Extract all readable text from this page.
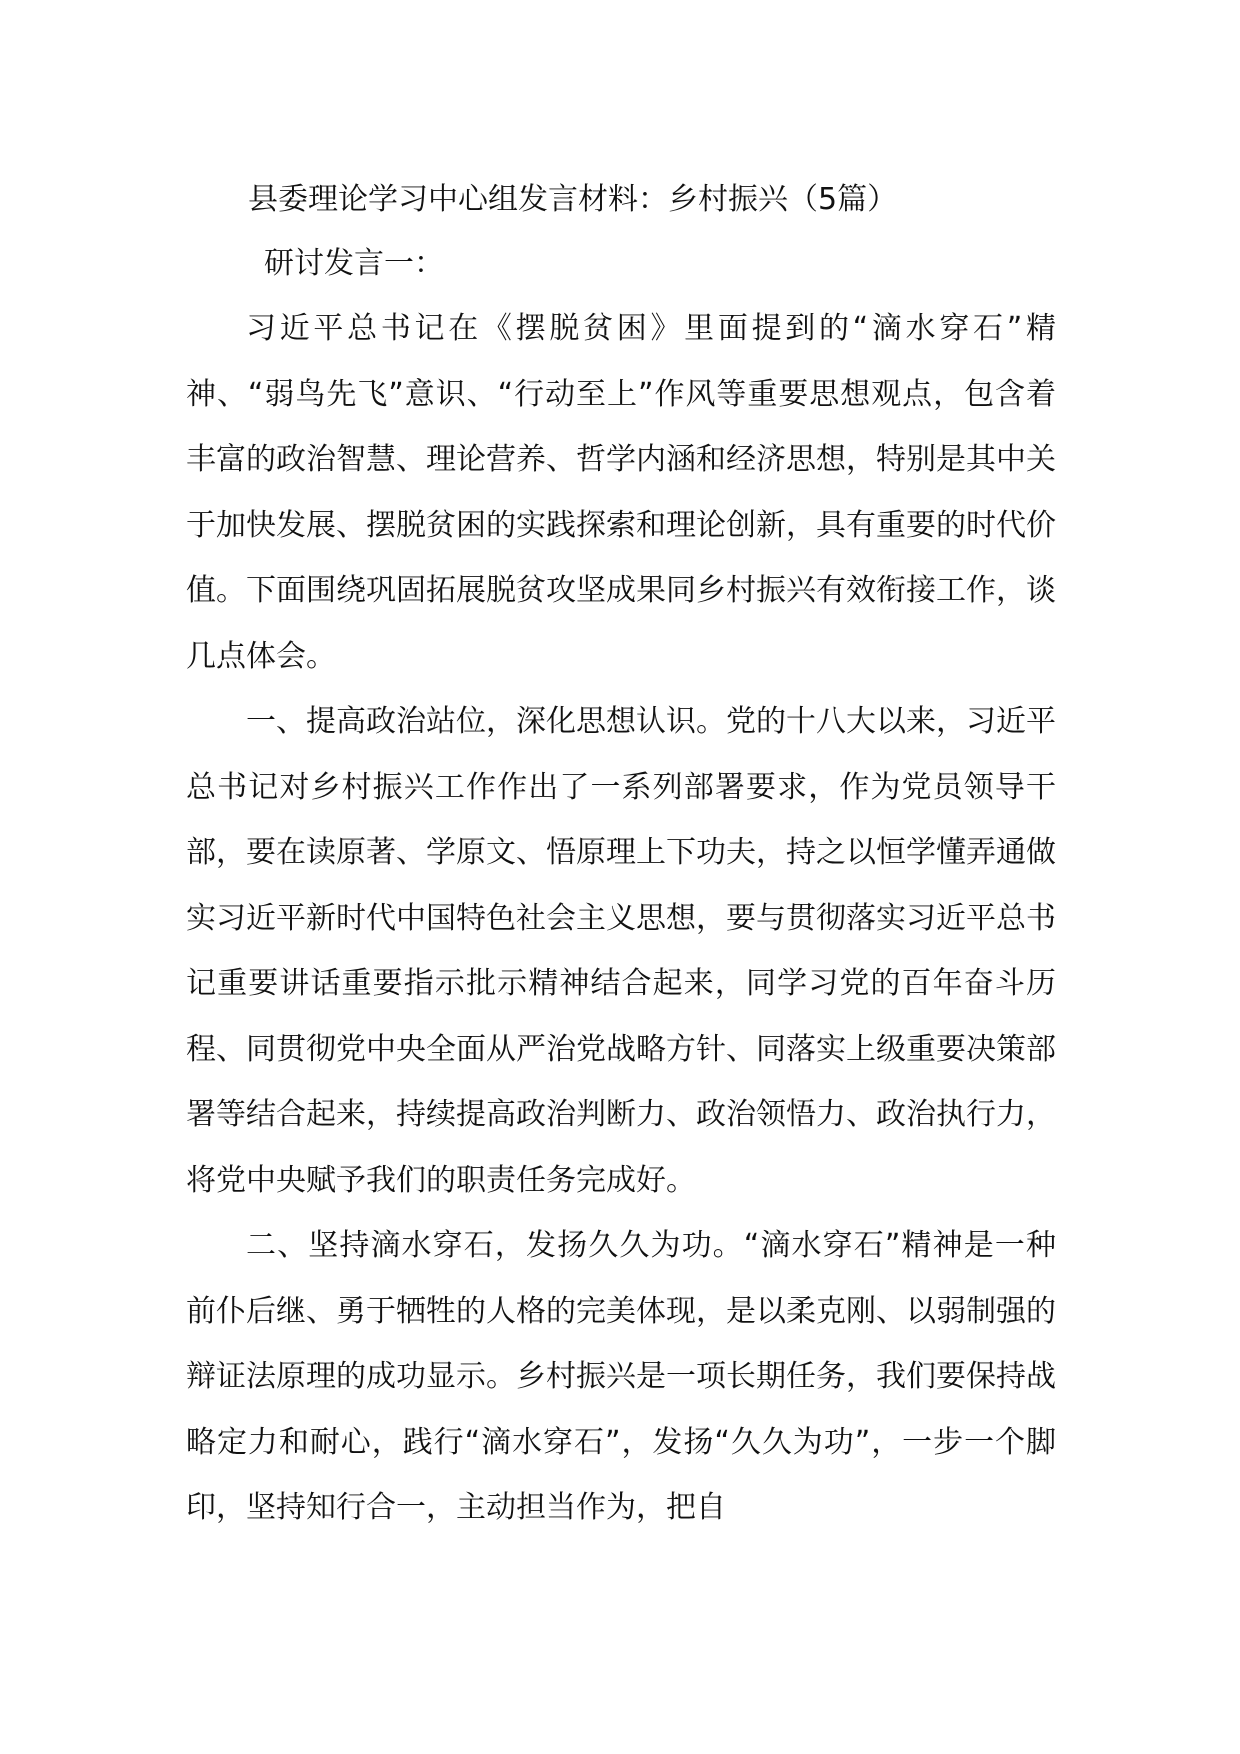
县委理论学习中心组发言材料：乡村振兴（5篇）
研讨发言一：

习近平总书记在《摆脱贫困》里面提到的“滴水穿石”精神、“弱鸟先飞”意识、“行动至上”作风等重要思想观点，包含着丰富的政治智慧、理论营养、哲学内涵和经济思想，特别是其中关于加快发展、摆脱贫困的实践探索和理论创新，具有重要的时代价值。下面围绕巩固拓展脱贫攻坚成果同乡村振兴有效衔接工作，谈几点体会。

一、提高政治站位，深化思想认识。党的十八大以来，习近平总书记对乡村振兴工作作出了一系列部署要求，作为党员领导干部，要在读原著、学原文、悟原理上下功夫，持之以恒学懂弄通做实习近平新时代中国特色社会主义思想，要与贯彻落实习近平总书记重要讲话重要指示批示精神结合起来，同学习党的百年奋斗历程、同贯彻党中央全面从严治党战略方针、同落实上级重要决策部署等结合起来，持续提高政治判断力、政治领悟力、政治执行力，将党中央赋予我们的职责任务完成好。

二、坚持滴水穿石，发扬久久为功。“滴水穿石”精神是一种前仆后继、勇于牺牲的人格的完美体现，是以柔克刚、以弱制强的辩证法原理的成功显示。乡村振兴是一项长期任务，我们要保持战略定力和耐心，践行“滴水穿石”，发扬“久久为功”，一步一个脚印，坚持知行合一，主动担当作为，把自
